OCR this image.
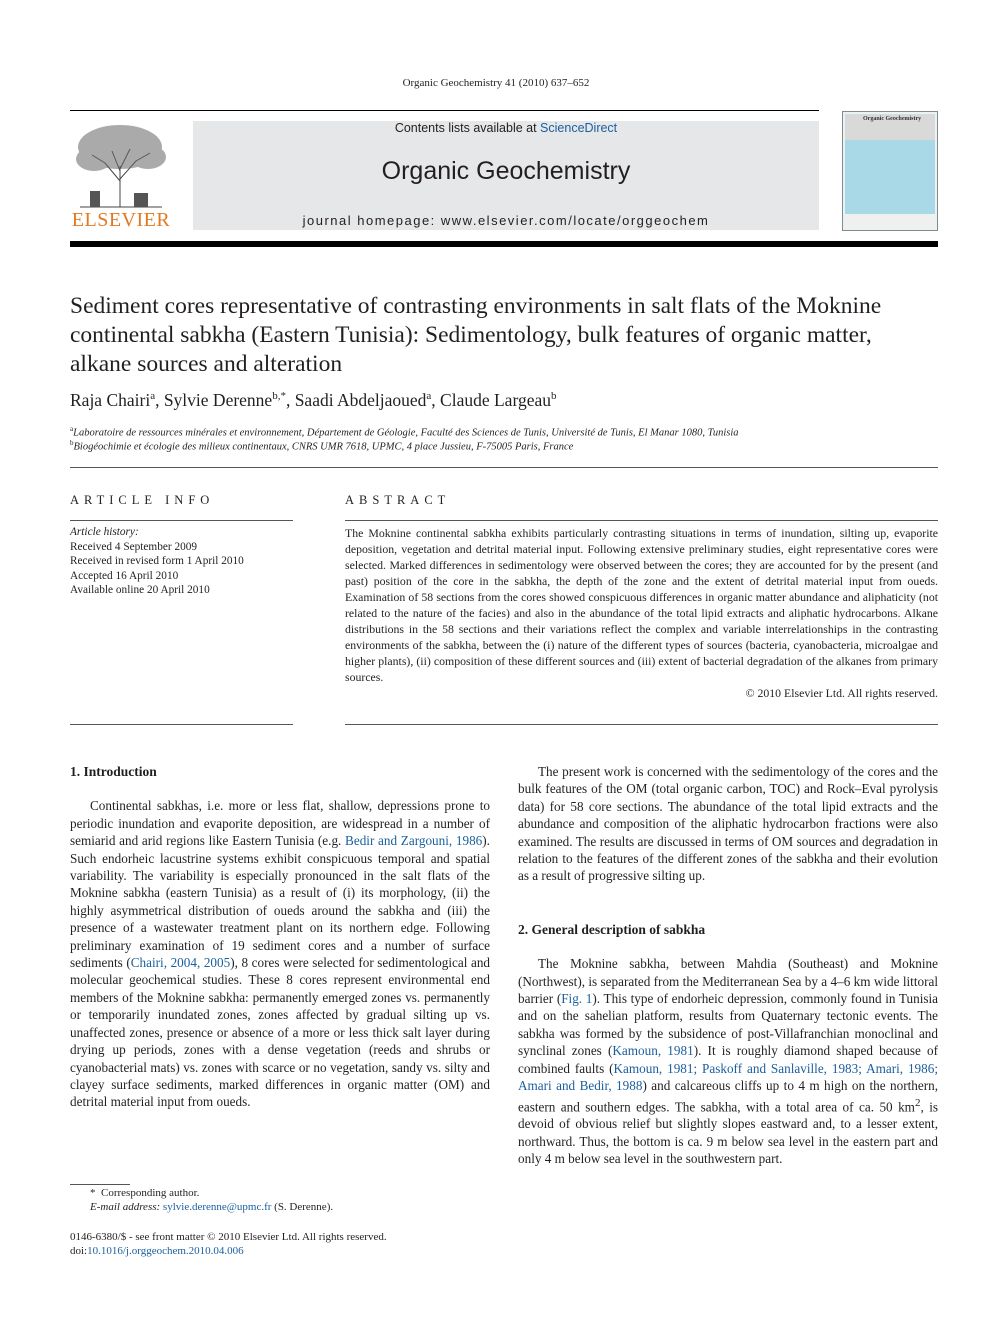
Organic Geochemistry 41 (2010) 637–652
ELSEVIER
Contents lists available at ScienceDirect
Organic Geochemistry
journal homepage: www.elsevier.com/locate/orggeochem
Organic Geochemistry
Sediment cores representative of contrasting environments in salt flats of the Moknine continental sabkha (Eastern Tunisia): Sedimentology, bulk features of organic matter, alkane sources and alteration
Raja Chairi$^a$, Sylvie Derenne$^{b,*}$, Saadi Abdeljaoued$^a$, Claude Largeau$^b$
$^a$Laboratoire de ressources minérales et environnement, Département de Géologie, Faculté des Sciences de Tunis, Université de Tunis, El Manar 1080, Tunisia
$^b$Biogéochimie et écologie des milieux continentaux, CNRS UMR 7618, UPMC, 4 place Jussieu, F-75005 Paris, France
ARTICLE INFO
Article history:
Received 4 September 2009
Received in revised form 1 April 2010
Accepted 16 April 2010
Available online 20 April 2010
ABSTRACT
The Moknine continental sabkha exhibits particularly contrasting situations in terms of inundation, silting up, evaporite deposition, vegetation and detrital material input. Following extensive preliminary studies, eight representative cores were selected. Marked differences in sedimentology were observed between the cores; they are accounted for by the present (and past) position of the core in the sabkha, the depth of the zone and the extent of detrital material input from oueds. Examination of 58 sections from the cores showed conspicuous differences in organic matter abundance and aliphaticity (not related to the nature of the facies) and also in the abundance of the total lipid extracts and aliphatic hydrocarbons. Alkane distributions in the 58 sections and their variations reflect the complex and variable interrelationships in the contrasting environments of the sabkha, between the (i) nature of the different types of sources (bacteria, cyanobacteria, microalgae and higher plants), (ii) composition of these different sources and (iii) extent of bacterial degradation of the alkanes from primary sources.
© 2010 Elsevier Ltd. All rights reserved.
1. Introduction
Continental sabkhas, i.e. more or less flat, shallow, depressions prone to periodic inundation and evaporite deposition, are widespread in a number of semiarid and arid regions like Eastern Tunisia (e.g. Bedir and Zargouni, 1986). Such endorheic lacustrine systems exhibit conspicuous temporal and spatial variability. The variability is especially pronounced in the salt flats of the Moknine sabkha (eastern Tunisia) as a result of (i) its morphology, (ii) the highly asymmetrical distribution of oueds around the sabkha and (iii) the presence of a wastewater treatment plant on its northern edge. Following preliminary examination of 19 sediment cores and a number of surface sediments (Chairi, 2004, 2005), 8 cores were selected for sedimentological and molecular geochemical studies. These 8 cores represent environmental end members of the Moknine sabkha: permanently emerged zones vs. permanently or temporarily inundated zones, zones affected by gradual silting up vs. unaffected zones, presence or absence of a more or less thick salt layer during drying up periods, zones with a dense vegetation (reeds and shrubs or cyanobacterial mats) vs. zones with scarce or no vegetation, sandy vs. silty and clayey surface sediments, marked differences in organic matter (OM) and detrital material input from oueds.
The present work is concerned with the sedimentology of the cores and the bulk features of the OM (total organic carbon, TOC) and Rock–Eval pyrolysis data) for 58 core sections. The abundance of the total lipid extracts and the abundance and composition of the aliphatic hydrocarbon fractions were also examined. The results are discussed in terms of OM sources and degradation in relation to the features of the different zones of the sabkha and their evolution as a result of progressive silting up.
2. General description of sabkha
The Moknine sabkha, between Mahdia (Southeast) and Moknine (Northwest), is separated from the Mediterranean Sea by a 4–6 km wide littoral barrier (Fig. 1). This type of endorheic depression, commonly found in Tunisia and on the sahelian platform, results from Quaternary tectonic events. The sabkha was formed by the subsidence of post-Villafranchian monoclinal and synclinal zones (Kamoun, 1981). It is roughly diamond shaped because of combined faults (Kamoun, 1981; Paskoff and Sanlaville, 1983; Amari, 1986; Amari and Bedir, 1988) and calcareous cliffs up to 4 m high on the northern, eastern and southern edges. The sabkha, with a total area of ca. 50 $km^2$, is devoid of obvious relief but slightly slopes eastward and, to a lesser extent, northward. Thus, the bottom is ca. 9 m below sea level in the eastern part and only 4 m below sea level in the southwestern part.
* Corresponding author.
E-mail address: sylvie.derenne@upmc.fr (S. Derenne).
0146-6380/$ - see front matter © 2010 Elsevier Ltd. All rights reserved.
doi:10.1016/j.orggeochem.2010.04.006
